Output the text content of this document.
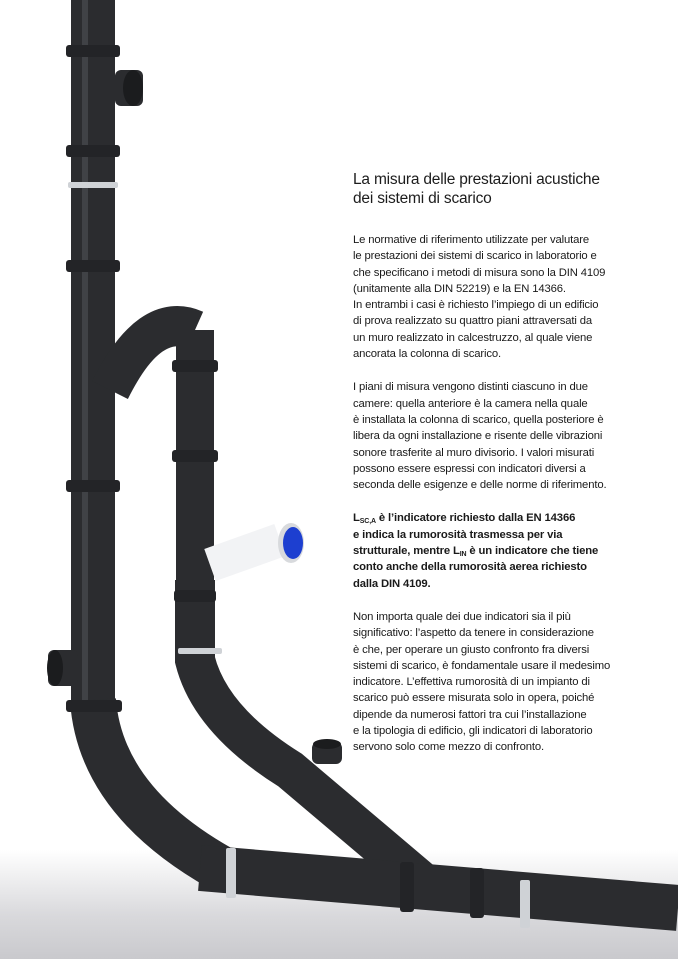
La misura delle prestazioni acustiche
dei sistemi di scarico

Le normative di riferimento utilizzate per valutare
le prestazioni dei sistemi di scarico in laboratorio e
che specificano i metodi di misura sono la DIN 4109
(unitamente alla DIN 52219) e la EN 14366.
In entrambi i casi è richiesto l’impiego di un edificio
di prova realizzato su quattro piani attraversati da
un muro realizzato in calcestruzzo, al quale viene
ancorata la colonna di scarico.

I piani di misura vengono distinti ciascuno in due
camere: quella anteriore è la camera nella quale
è installata la colonna di scarico, quella posteriore è
libera da ogni installazione e risente delle vibrazioni
sonore trasferite al muro divisorio. I valori misurati
possono essere espressi con indicatori diversi a
seconda delle esigenze e delle norme di riferimento.

$L_{SC,A}$ è l’indicatore richiesto dalla EN 14366
e indica la rumorosità trasmessa per via
strutturale, mentre $L_{IN}$ è un indicatore che tiene
conto anche della rumorosità aerea richiesto
dalla DIN 4109.

Non importa quale dei due indicatori sia il più
significativo: l’aspetto da tenere in considerazione
è che, per operare un giusto confronto fra diversi
sistemi di scarico, è fondamentale usare il medesimo
indicatore. L’effettiva rumorosità di un impianto di
scarico può essere misurata solo in opera, poiché
dipende da numerosi fattori tra cui l’installazione
e la tipologia di edificio, gli indicatori di laboratorio
servono solo come mezzo di confronto.
